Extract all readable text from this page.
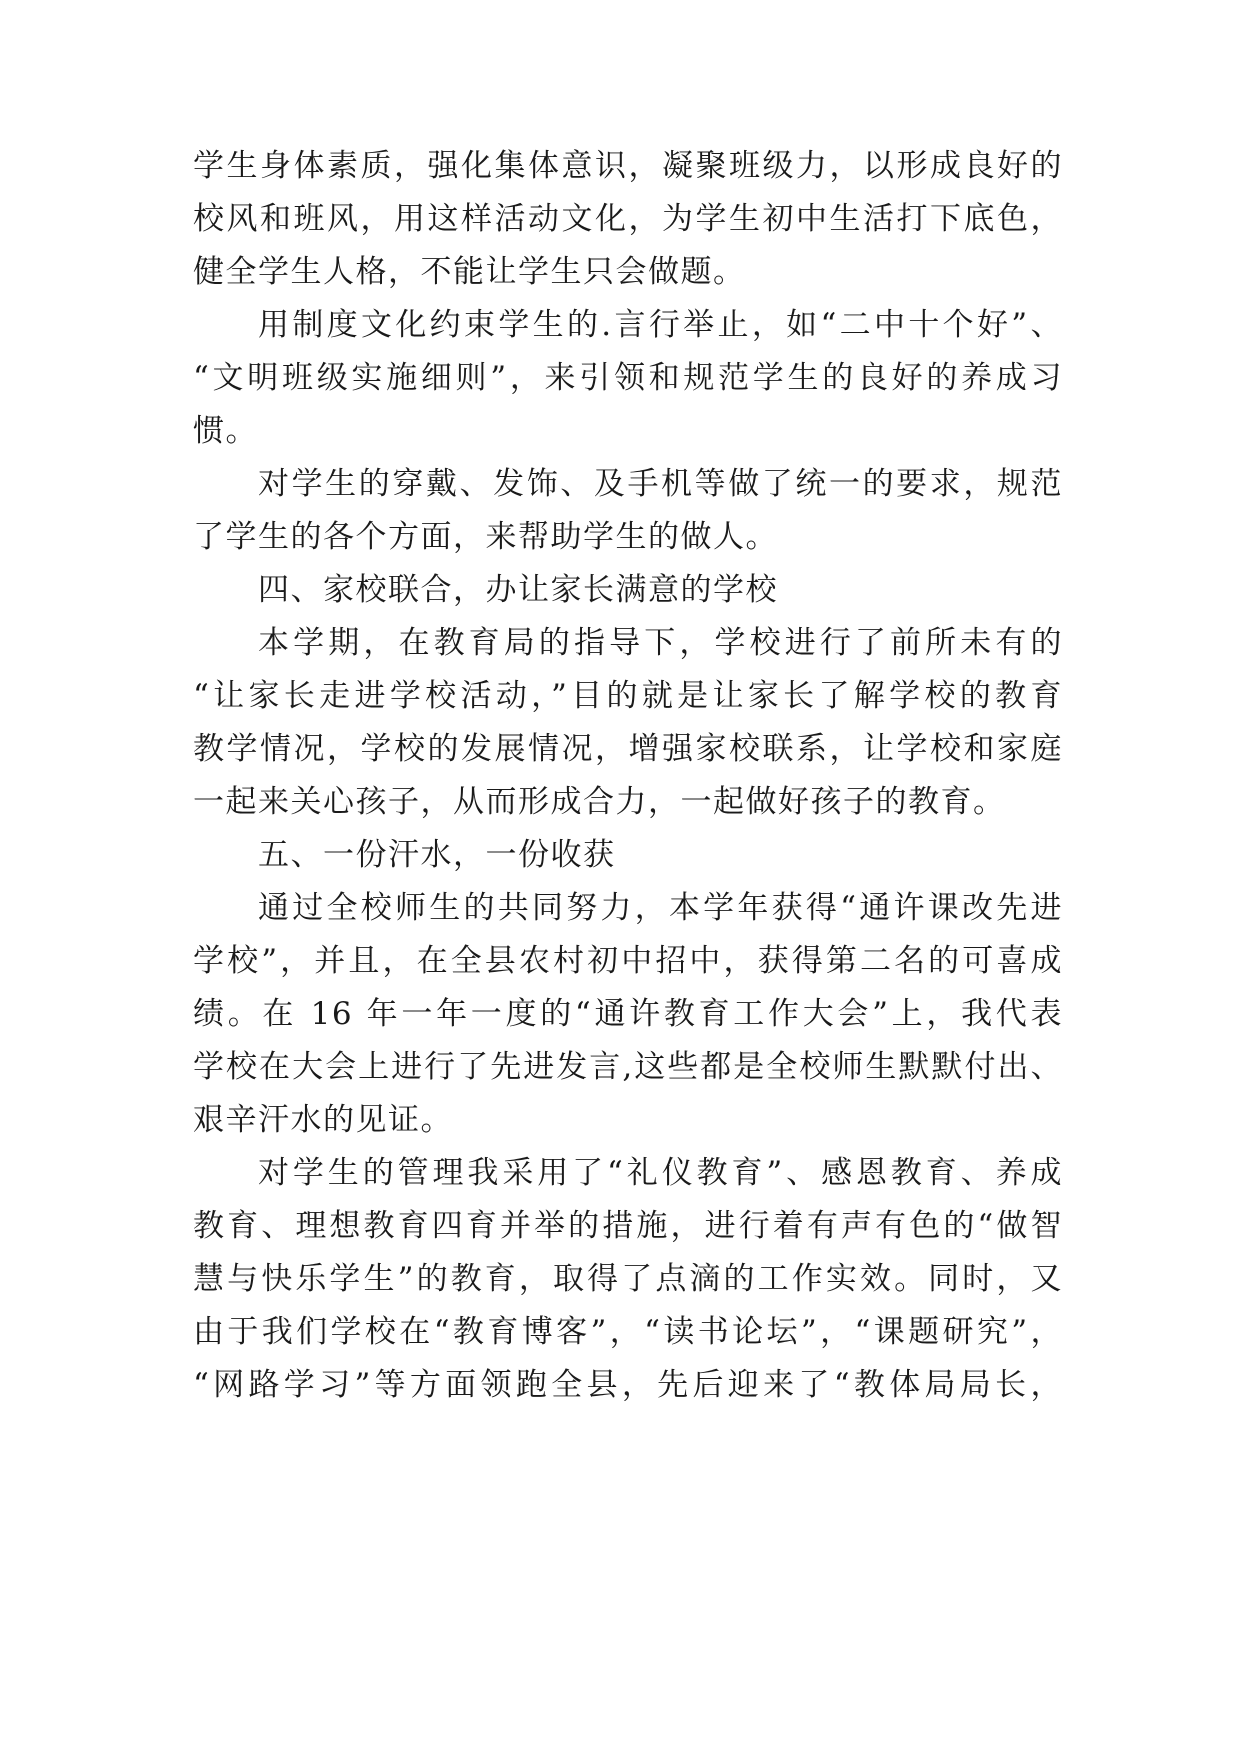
学生身体素质，强化集体意识，凝聚班级力，以形成良好的
校风和班风，用这样活动文化，为学生初中生活打下底色，
健全学生人格，不能让学生只会做题。
用制度文化约束学生的.言行举止，如“二中十个好”、
“文明班级实施细则”，来引领和规范学生的良好的养成习
惯。
对学生的穿戴、发饰、及手机等做了统一的要求，规范
了学生的各个方面，来帮助学生的做人。
四、家校联合，办让家长满意的学校
本学期，在教育局的指导下，学校进行了前所未有的
“让家长走进学校活动，”目的就是让家长了解学校的教育
教学情况，学校的发展情况，增强家校联系，让学校和家庭
一起来关心孩子，从而形成合力，一起做好孩子的教育。
五、一份汗水，一份收获
通过全校师生的共同努力，本学年获得“通许课改先进
学校”，并且，在全县农村初中招中，获得第二名的可喜成
绩。在 16 年一年一度的“通许教育工作大会”上，我代表
学校在大会上进行了先进发言,这些都是全校师生默默付出、
艰辛汗水的见证。
对学生的管理我采用了“礼仪教育”、感恩教育、养成
教育、理想教育四育并举的措施，进行着有声有色的“做智
慧与快乐学生”的教育，取得了点滴的工作实效。同时，又
由于我们学校在“教育博客”，“读书论坛”，“课题研究”，
“网路学习”等方面领跑全县，先后迎来了“教体局局长，
